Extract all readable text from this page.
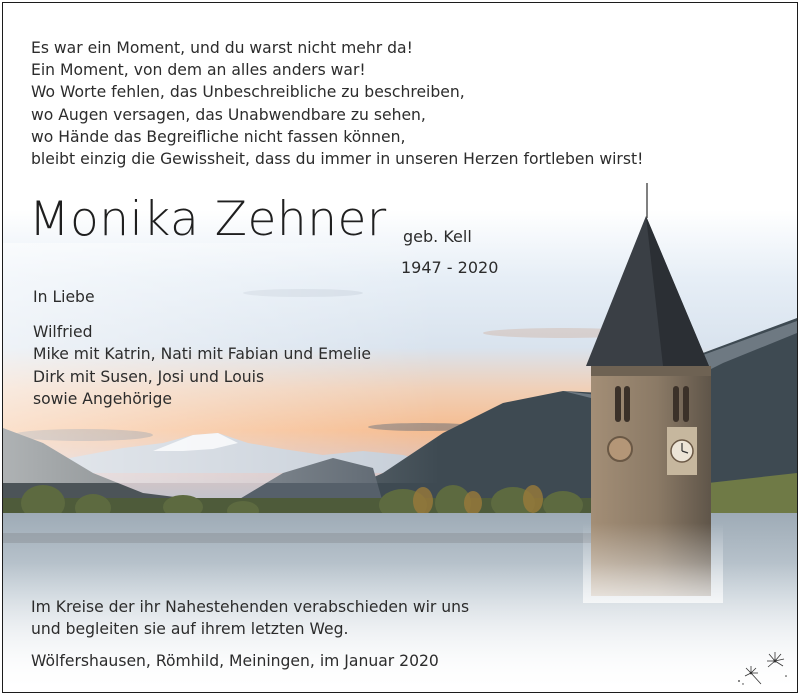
Es war ein Moment, und du warst nicht mehr da!
Ein Moment, von dem an alles anders war!
Wo Worte fehlen, das Unbeschreibliche zu beschreiben,
wo Augen versagen, das Unabwendbare zu sehen,
wo Hände das Begreifliche nicht fassen können,
bleibt einzig die Gewissheit, dass du immer in unseren Herzen fortleben wirst!
Monika Zehner geb. Kell
1947 - 2020
In Liebe
Wilfried
Mike mit Katrin, Nati mit Fabian und Emelie
Dirk mit Susen, Josi und Louis
sowie Angehörige
Im Kreise der ihr Nahestehenden verabschieden wir uns
und begleiten sie auf ihrem letzten Weg.
Wölfershausen, Römhild, Meiningen, im Januar 2020
